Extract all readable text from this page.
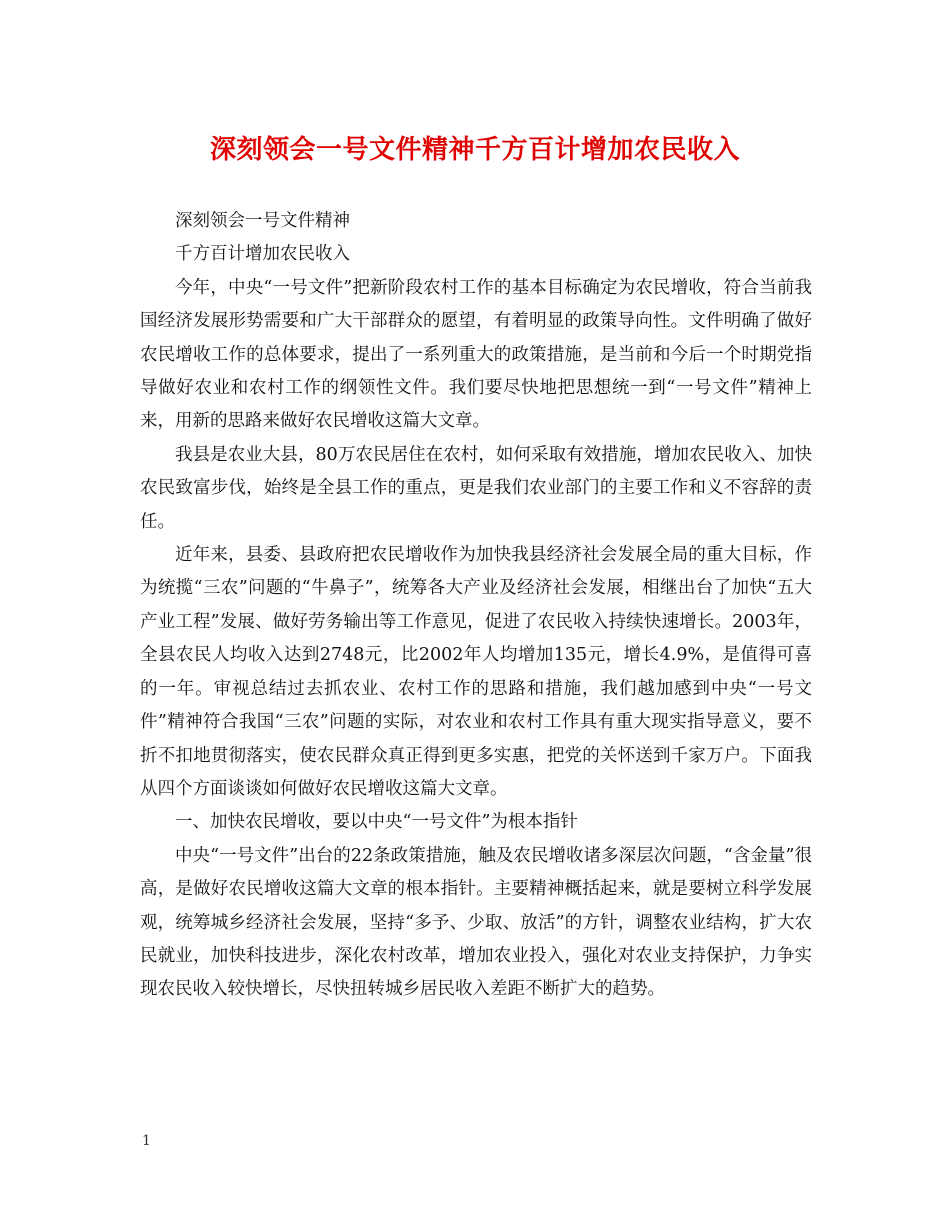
深刻领会一号文件精神千方百计增加农民收入

深刻领会一号文件精神

千方百计增加农民收入

今年，中央“一号文件”把新阶段农村工作的基本目标确定为农民增收，符合当前我国经济发展形势需要和广大干部群众的愿望，有着明显的政策导向性。文件明确了做好农民增收工作的总体要求，提出了一系列重大的政策措施，是当前和今后一个时期党指导做好农业和农村工作的纲领性文件。我们要尽快地把思想统一到“一号文件”精神上来，用新的思路来做好农民增收这篇大文章。

我县是农业大县，80万农民居住在农村，如何采取有效措施，增加农民收入、加快农民致富步伐，始终是全县工作的重点，更是我们农业部门的主要工作和义不容辞的责任。

近年来，县委、县政府把农民增收作为加快我县经济社会发展全局的重大目标，作为统揽“三农”问题的“牛鼻子”，统筹各大产业及经济社会发展，相继出台了加快“五大产业工程”发展、做好劳务输出等工作意见，促进了农民收入持续快速增长。2003年，全县农民人均收入达到2748元，比2002年人均增加135元，增长4.9%，是值得可喜的一年。审视总结过去抓农业、农村工作的思路和措施，我们越加感到中央“一号文件”精神符合我国“三农”问题的实际，对农业和农村工作具有重大现实指导意义，要不折不扣地贯彻落实，使农民群众真正得到更多实惠，把党的关怀送到千家万户。下面我从四个方面谈谈如何做好农民增收这篇大文章。

一、加快农民增收，要以中央“一号文件”为根本指针

中央“一号文件”出台的22条政策措施，触及农民增收诸多深层次问题，“含金量”很高，是做好农民增收这篇大文章的根本指针。主要精神概括起来，就是要树立科学发展观，统筹城乡经济社会发展，坚持“多予、少取、放活”的方针，调整农业结构，扩大农民就业，加快科技进步，深化农村改革，增加农业投入，强化对农业支持保护，力争实现农民收入较快增长，尽快扭转城乡居民收入差距不断扩大的趋势。

1
